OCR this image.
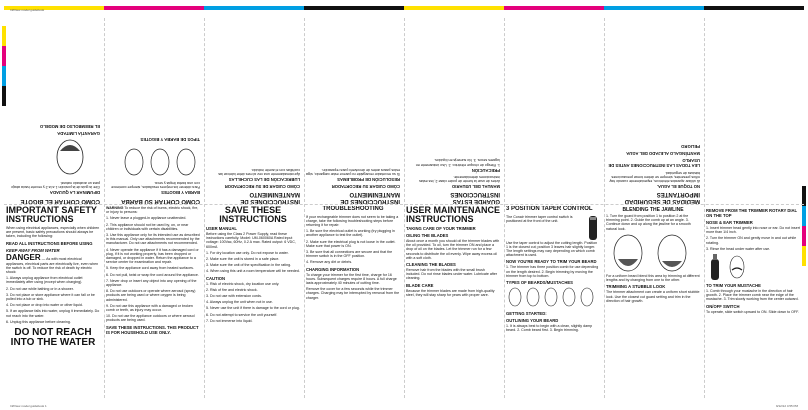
InflView model guidebook
InflView model guidebook 1	9/12/12 4:55 PM
CÓMO CORTAR EL BIGOTE
DIFUMINAR LA QUIJADA

Gire la guía de la posición 1 a la 2 y recorte hacia abajo para un acabado natural.

GARANTÍA LIMITADA
EL REEMBOLSO DE MODELO
CÓMO CORTAR SU BARBA
BARBA Y BIGOTES

Para obtener los mejores resultados, siempre comience con una barba limpia y seca.

TIPOS DE BARBA Y BIGOTES
INSTRUCCIONES DE MANTENIMIENTO
CÓMO CUIDAR DE SU RECORTADOR
LUBRICACIÓN DE LAS CUCHILLAS

Aproximadamente una vez al mes debe lubricar las cuchillas con el aceite incluido.

INSTRUCCIONES DE MANTENIMIENTO
CÓMO CUIDAR SU RECORTADOR
RESOLUCIÓN DE PROBLEMAS

Si su recortador recargable no parece estar cargando, siga estos pasos antes de devolverlo para reparación.

GUARDE ESTAS INSTRUCCIONES
MANUAL DEL USUARIO

Antes de usar la fuente de poder clase 2, lea estas instrucciones detenidamente.

PRECAUCIÓN

1. Riesgo de choque eléctrico. 2. Uso únicamente en lugares secos. 3. No sumerja en líquidos.

MEDIDAS DE SEGURIDAD IMPORTANTES
NO TOQUE EL AGUA.

Al utilizar aparatos eléctricos, especialmente cuando hay niños presentes, siempre se deben tomar precauciones básicas de seguridad.

LEA TODAS LAS INSTRUCCIONES ANTES DE USARLO
MANTÉNGALO ALEJADO DEL AGUA
PELIGRO
IMPORTANT SAFETY INSTRUCTIONS

When using electrical appliances, especially when children are present, basic safety precautions should always be taken, including the following:

READ ALL INSTRUCTIONS BEFORE USING
KEEP AWAY FROM WATER

DANGER — As with most electrical appliances, electrical parts are electrically live, even when the switch is off. To reduce the risk of death by electric shock:

1. Always unplug appliance from electrical outlet immediately after using (except when charging).

2. Do not use while bathing or in a shower.

3. Do not place or store appliance where it can fall or be pulled into a tub or sink.

4. Do not place or drop into water or other liquid.

5. If an appliance falls into water, unplug it immediately. Do not reach into the water.

6. Unplug this appliance before cleaning.

DO NOT REACH INTO THE WATER

WARNING To reduce the risk of burns, electric shock, fire, or injury to persons:

1. Never leave a plugged-in appliance unattended.

2. This appliance should not be used by, on, or near children or individuals with certain disabilities.

3. Use this appliance only for its intended use as described in this manual. Only use attachments recommended by the manufacturer. Do not use attachments not recommended.

4. Never operate the appliance if it has a damaged cord or plug, if it is not working properly, has been dropped or damaged, or dropped in water. Return the appliance to a service center for examination and repair.

5. Keep the appliance cord away from heated surfaces.

6. Do not pull, twist or wrap the cord around the appliance.

7. Never drop or insert any object into any opening of the appliance.

8. Do not use outdoors or operate where aerosol (spray) products are being used or where oxygen is being administered.

9. Do not use this appliance with a damaged or broken comb or teeth, as injury may occur.

10. Do not use the appliance outdoors or where aerosol products are being used.

SAVE THESE INSTRUCTIONS. THIS PRODUCT IS FOR HOUSEHOLD USE ONLY.
SAVE THESE INSTRUCTIONS
USER MANUAL

Before using the Class 2 Power Supply, read these instructions carefully. Model: UM-060060A Rated input voltage: 100Vac, 60Hz, 0.2 A max. Rated output: 6 VDC, 600mA

1. For dry location use only. Do not expose to water.

2. Make sure the unit is stored in a safe place.

3. Make sure the unit of the specification in the rating.

4. When using this unit a room temperature will be needed.

CAUTION

1. Risk of electric shock, dry location use only.

2. Risk of fire and electric shock.

3. Do not use with extension cords.

4. Always unplug the unit when not in use.

5. Never use the unit if there is damage to the cord or plug.

6. Do not attempt to service the unit yourself.

7. Do not immerse into liquid.

TROUBLESHOOTING

If your rechargeable trimmer does not seem to be taking a charge, take the following troubleshooting steps before returning it for repair:

1. Be sure the electrical outlet is working (try plugging in another appliance to test the outlet).

2. Make sure the electrical plug is not loose in the outlet. Make sure that power is ON.

3. Be sure that all connections are secure and that the trimmer switch is in the OFF position.

4. Remove any dirt or debris.

CHARGING INFORMATION

To charge your trimmer for the first time, charge for 16 hours. Subsequent charges require 8 hours. A full charge lasts approximately 40 minutes of cutting time.

Remove the cover for a few seconds while the trimmer charges. Charging may be interrupted by removal from the charger.

USER MAINTENANCE INSTRUCTIONS
TAKING CARE OF YOUR TRIMMER
OILING THE BLADES

About once a month you should oil the trimmer blades with the oil provided. To oil, turn the trimmer ON and place a drop of oil on the blades. Let the trimmer run for a few seconds to distribute the oil evenly. Wipe away excess oil with a soft cloth.

CLEANING THE BLADES

Remove hair from the blades with the small brush included. Do not rinse blades under water. Lubricate after cleaning.

BLADE CARE

Because the trimmer blades are made from high-quality steel, they will stay sharp for years with proper care.

3 POSITION TAPER CONTROL

The Conair trimmer taper control switch is positioned at the front of the unit.

Use the taper control to adjust the cutting length. Position 1 is the closest cut; position 3 leaves hair slightly longer. The length settings may vary depending on which comb attachment is used.

NOW YOU'RE READY TO TRIM YOUR BEARD

1. The trimmer has three position comb for use depending on the length desired. 2. Begin trimming by moving the trimmer from top to bottom.

TYPES OF BEARDS/MUSTACHES
GETTING STARTED:
OUTLINING YOUR BEARD

1. It is always best to begin with a clean, slightly damp beard. 2. Comb beard first. 3. Begin trimming.

BLENDING THE JAWLINE

1. Turn the guard from position 1 to position 2 at the trimming point. 2. Guide the comb up at an angle. 3. Continue down and up along the jawline for a smooth natural look.

For a uniform beard blend this area by trimming at different lengths and by changing from one to the other.

TRIMMING A STUBBLE LOOK

The trimmer attachment can create a uniform short stubble look. Use the closest cut guard setting and trim in the direction of hair growth.

REMOVE FROM THE TRIMMER ROTARY DIAL ON THE TOP
NOSE & EAR TRIMMER

1. Insert trimmer head gently into nose or ear. Do not insert more than 1/4 inch.

2. Turn the trimmer ON and gently move in and out while rotating.

3. Rinse the head under water after use.

TO TRIM YOUR MUSTACHE

1. Comb through your mustache in the direction of hair growth. 2. Place the trimmer comb near the edge of the mustache. 3. Trim slowly working from the center outward.

ON/OFF SWITCH

To operate, slide switch upward to ON. Slide down to OFF.
